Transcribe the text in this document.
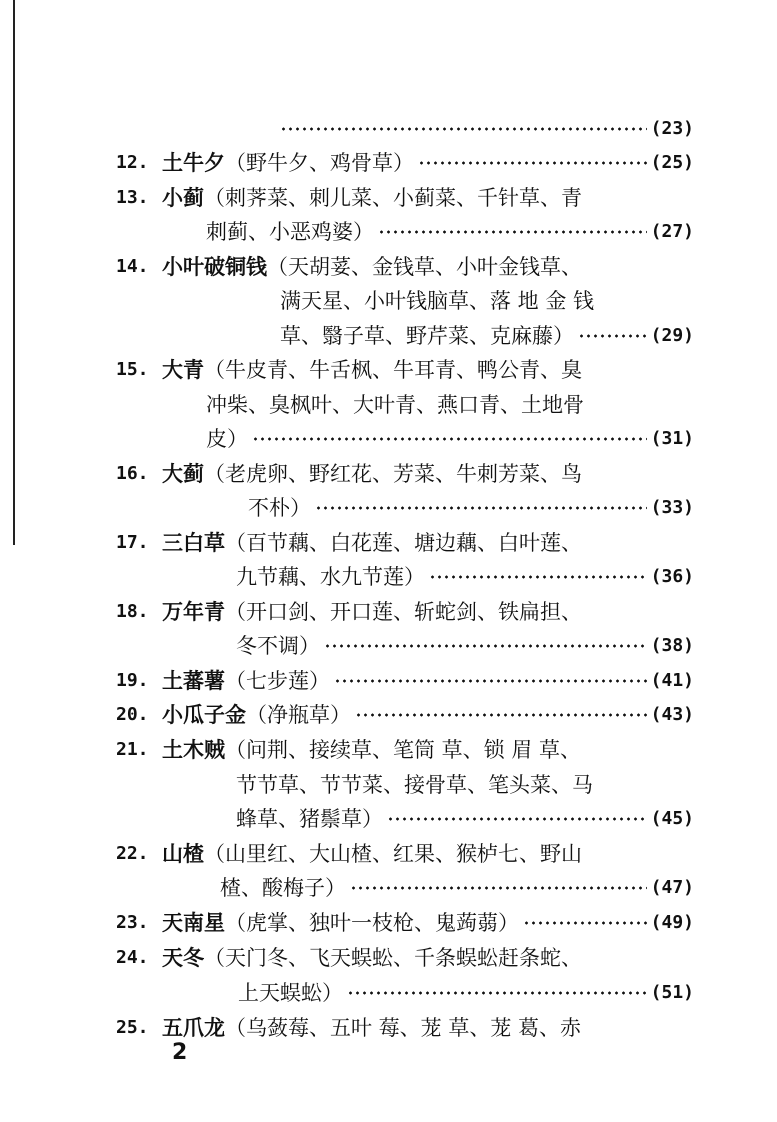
(23)
12. 土牛夕 （野牛夕、鸡骨草）	(25)
13. 小蓟 （刺荠菜、刺儿菜、小蓟菜、千针草、青
刺蓟、小恶鸡婆）	(27)
14. 小叶破铜钱 （天胡荽、金钱草、小叶金钱草、
满天星、小叶钱脑草、落 地 金 钱
草、翳子草、野芹菜、克麻藤）	(29)
15. 大青 （牛皮青、牛舌枫、牛耳青、鸭公青、臭
冲柴、臭枫叶、大叶青、燕口青、土地骨
皮）	(31)
16. 大蓟 （老虎卵、野红花、芳菜、牛刺芳菜、鸟
不朴）	(33)
17. 三白草 （百节藕、白花莲、塘边藕、白叶莲、
九节藕、水九节莲）	(36)
18. 万年青 （开口剑、开口莲、斩蛇剑、铁扁担、
冬不调）	(38)
19. 土蕃薯 （七步莲）	(41)
20. 小瓜子金 （净瓶草）	(43)
21. 土木贼 （问荆、接续草、笔筒 草、锁 眉 草、
节节草、节节菜、接骨草、笔头菜、马
蜂草、猪鬃草）	(45)
22. 山楂 （山里红、大山楂、红果、猴栌七、野山
楂、酸梅子）	(47)
23. 天南星 （虎掌、独叶一枝枪、鬼蒟蒻）	(49)
24. 天冬 （天门冬、飞天蜈蚣、千条蜈蚣赶条蛇、
上天蜈蚣）	(51)
25. 五爪龙 （乌蔹莓、五叶 莓、茏 草、茏 葛、赤
2
